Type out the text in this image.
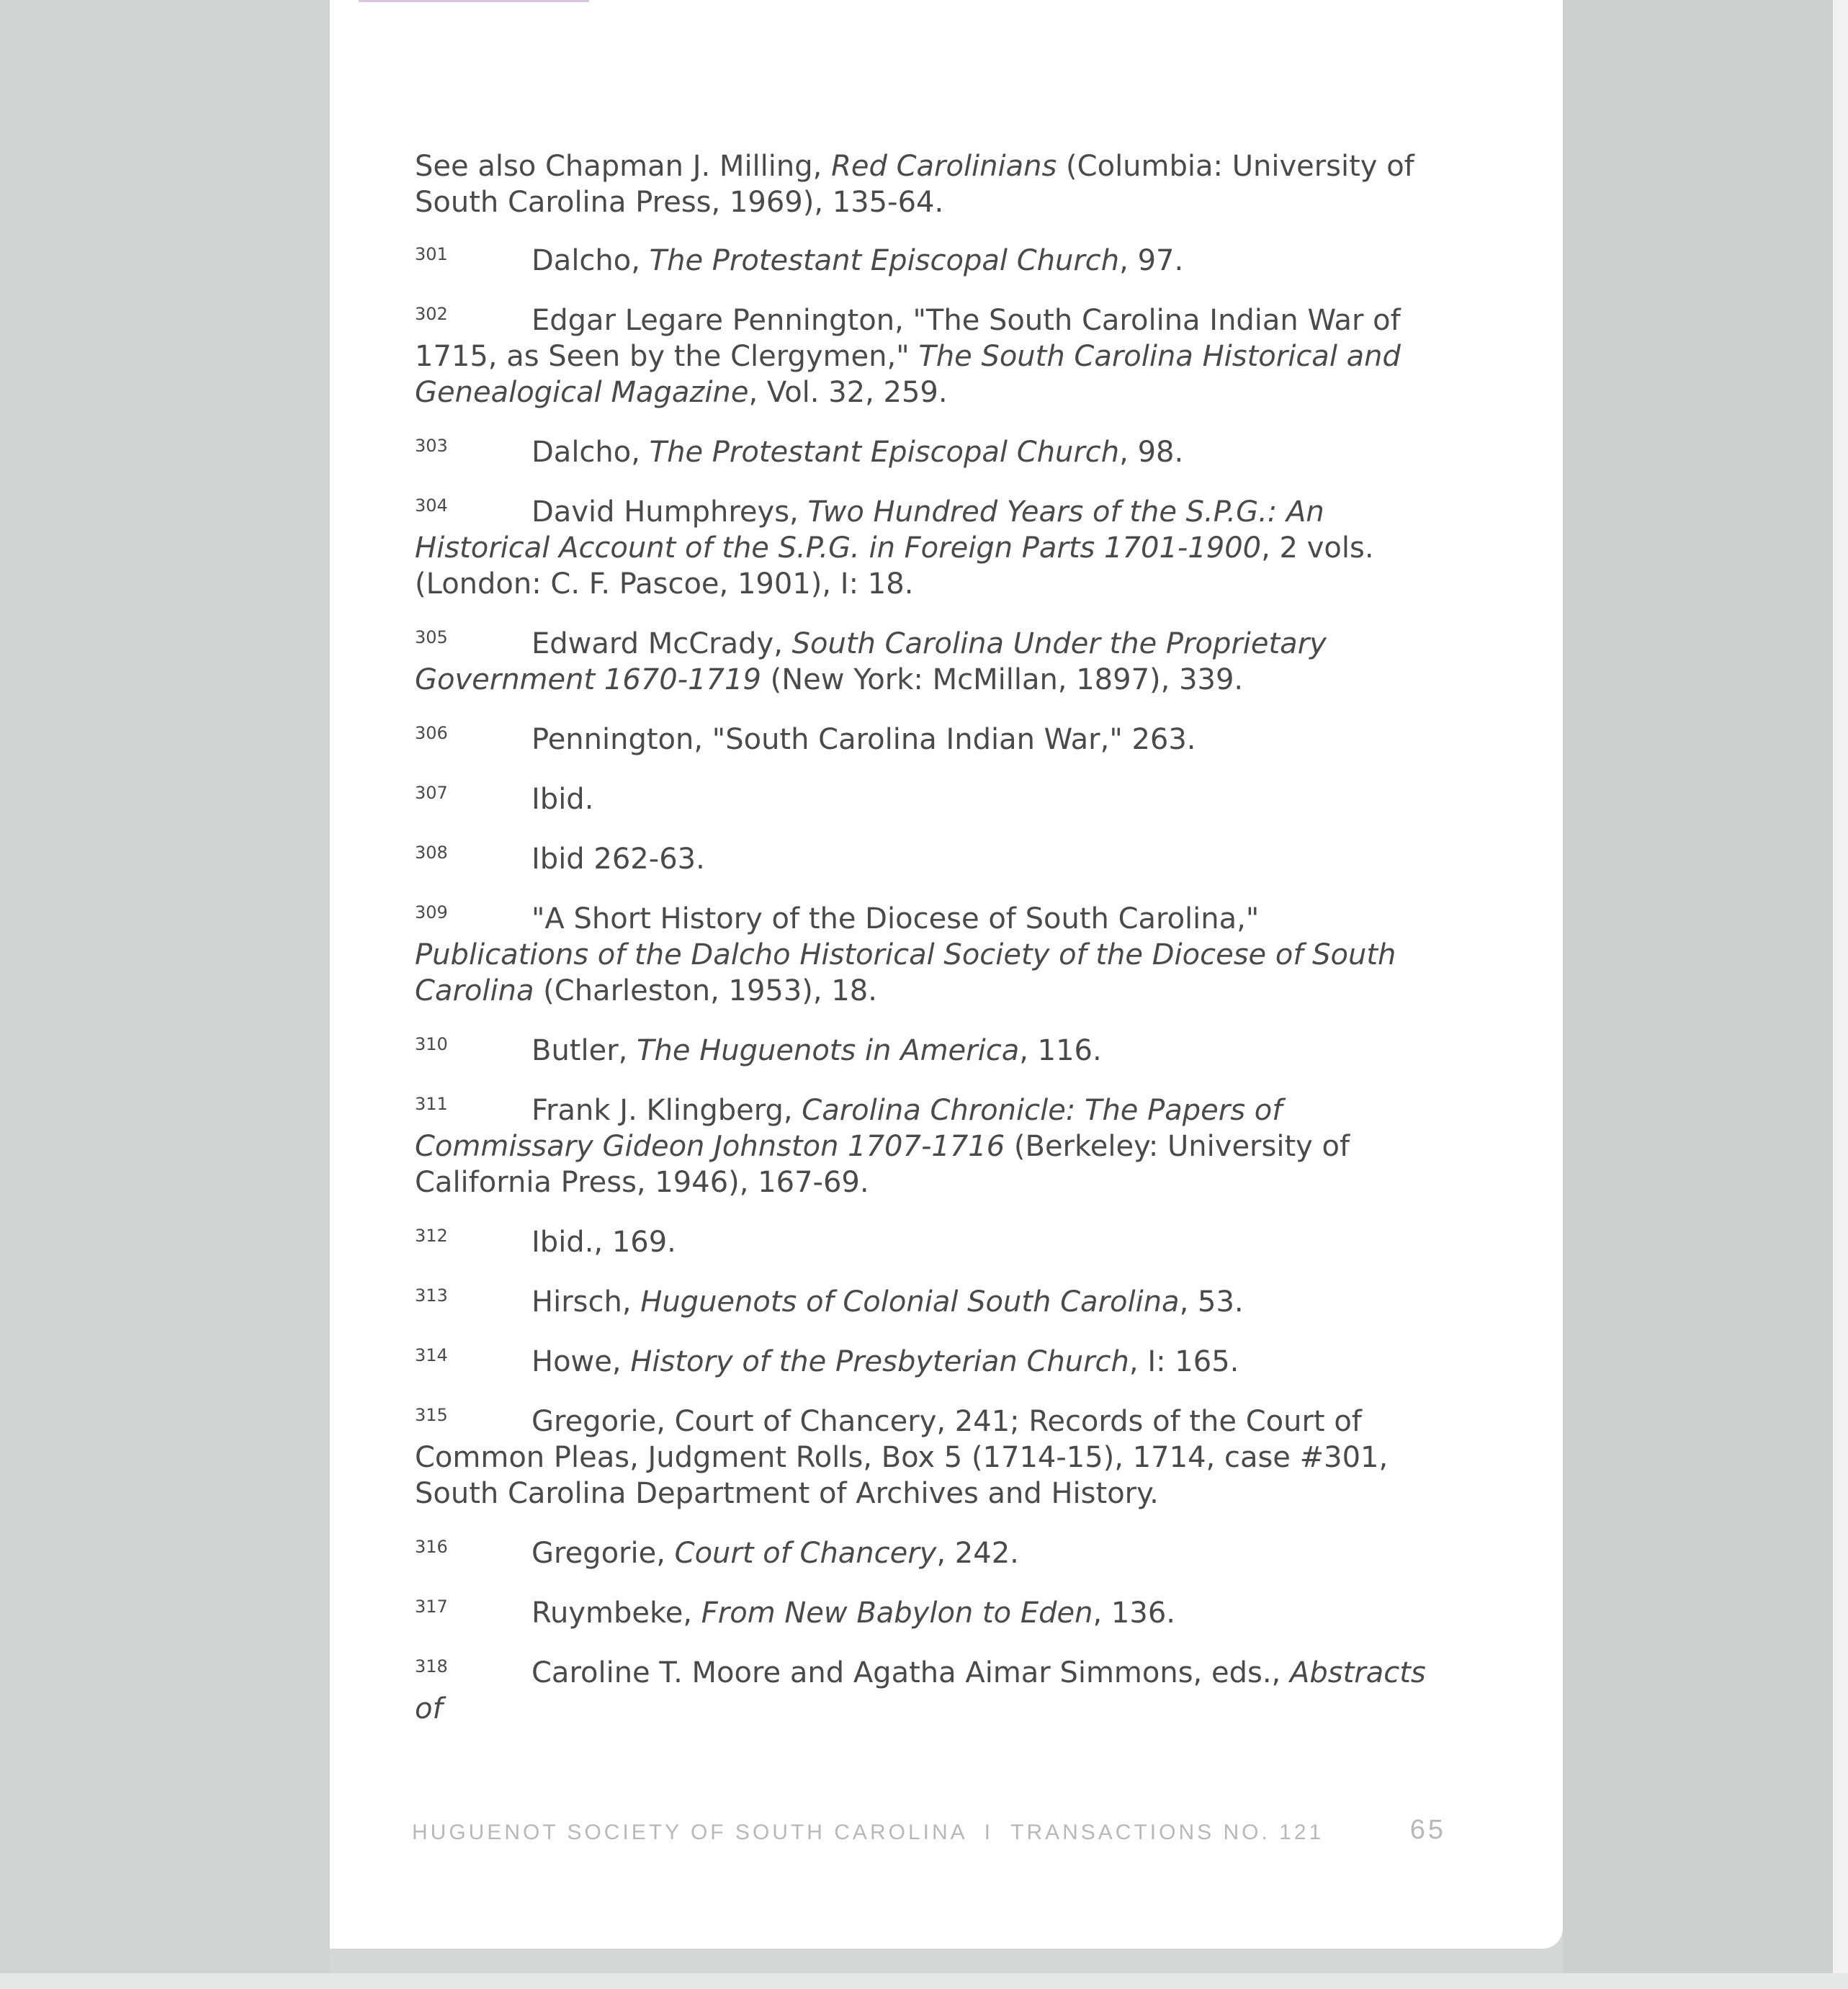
See also Chapman J. Milling, Red Carolinians (Columbia: University of South Carolina Press, 1969), 135-64.

301	Dalcho, The Protestant Episcopal Church, 97.

302	Edgar Legare Pennington, "The South Carolina Indian War of 1715, as Seen by the Clergymen," The South Carolina Historical and Genealogical Magazine, Vol. 32, 259.

303	Dalcho, The Protestant Episcopal Church, 98.

304	David Humphreys, Two Hundred Years of the S.P.G.: An Historical Account of the S.P.G. in Foreign Parts 1701-1900, 2 vols. (London: C. F. Pascoe, 1901), I: 18.

305	Edward McCrady, South Carolina Under the Proprietary Government 1670-1719 (New York: McMillan, 1897), 339.

306	Pennington, "South Carolina Indian War," 263.

307	Ibid.

308	Ibid 262-63.

309	"A Short History of the Diocese of South Carolina," Publications of the Dalcho Historical Society of the Diocese of South Carolina (Charleston, 1953), 18.

310	Butler, The Huguenots in America, 116.

311	Frank J. Klingberg, Carolina Chronicle: The Papers of Commissary Gideon Johnston 1707-1716 (Berkeley: University of California Press, 1946), 167-69.

312	Ibid., 169.

313	Hirsch, Huguenots of Colonial South Carolina, 53.

314	Howe, History of the Presbyterian Church, I: 165.

315	Gregorie, Court of Chancery, 241; Records of the Court of Common Pleas, Judgment Rolls, Box 5 (1714-15), 1714, case #301, South Carolina Department of Archives and History.

316	Gregorie, Court of Chancery, 242.

317	Ruymbeke, From New Babylon to Eden, 136.

318	Caroline T. Moore and Agatha Aimar Simmons, eds., Abstracts of

HUGUENOT SOCIETY OF SOUTH CAROLINA  I  TRANSACTIONS NO. 121	65
